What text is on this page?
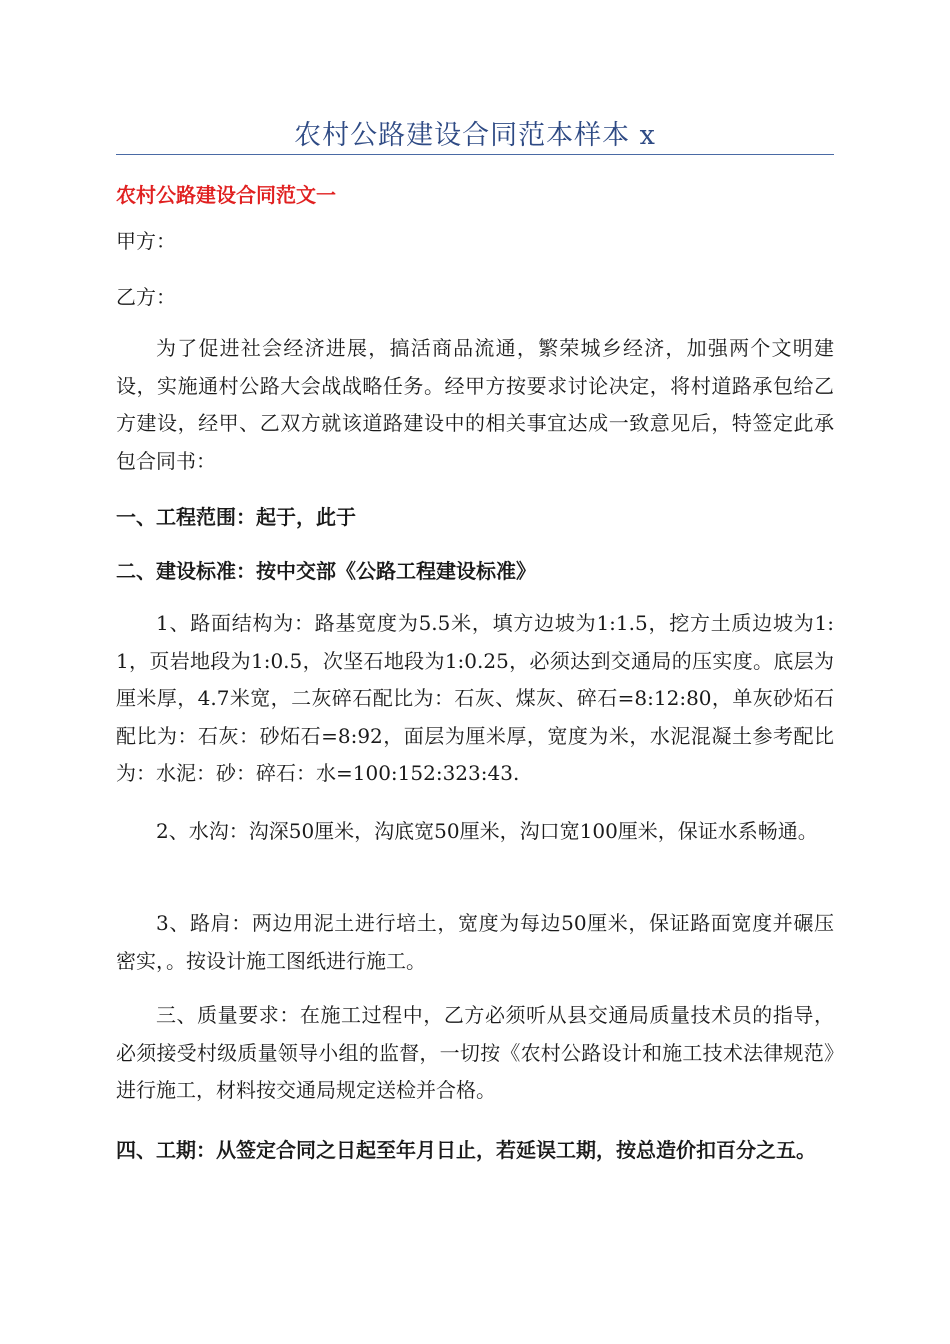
农村公路建设合同范本样本 x
农村公路建设合同范文一
甲方：
乙方：
为了促进社会经济进展，搞活商品流通，繁荣城乡经济，加强两个文明建设，实施通村公路大会战战略任务。经甲方按要求讨论决定，将村道路承包给乙方建设，经甲、乙双方就该道路建设中的相关事宜达成一致意见后，特签定此承包合同书：
一、工程范围：起于，此于
二、建设标准：按中交部《公路工程建设标准》
1、路面结构为：路基宽度为5.5米，填方边坡为1:1.5，挖方土质边坡为1:1，页岩地段为1:0.5，次坚石地段为1:0.25，必须达到交通局的压实度。底层为厘米厚，4.7米宽，二灰碎石配比为：石灰、煤灰、碎石=8:12:80，单灰砂炻石配比为：石灰：砂炻石=8:92，面层为厘米厚，宽度为米，水泥混凝土参考配比为：水泥：砂：碎石：水=100:152:323:43.
2、水沟：沟深50厘米，沟底宽50厘米，沟口宽100厘米，保证水系畅通。
3、路肩：两边用泥土进行培土，宽度为每边50厘米，保证路面宽度并碾压密实，。按设计施工图纸进行施工。
三、质量要求：在施工过程中，乙方必须听从县交通局质量技术员的指导，必须接受村级质量领导小组的监督，一切按《农村公路设计和施工技术法律规范》进行施工，材料按交通局规定送检并合格。
四、工期：从签定合同之日起至年月日止，若延误工期，按总造价扣百分之五。
